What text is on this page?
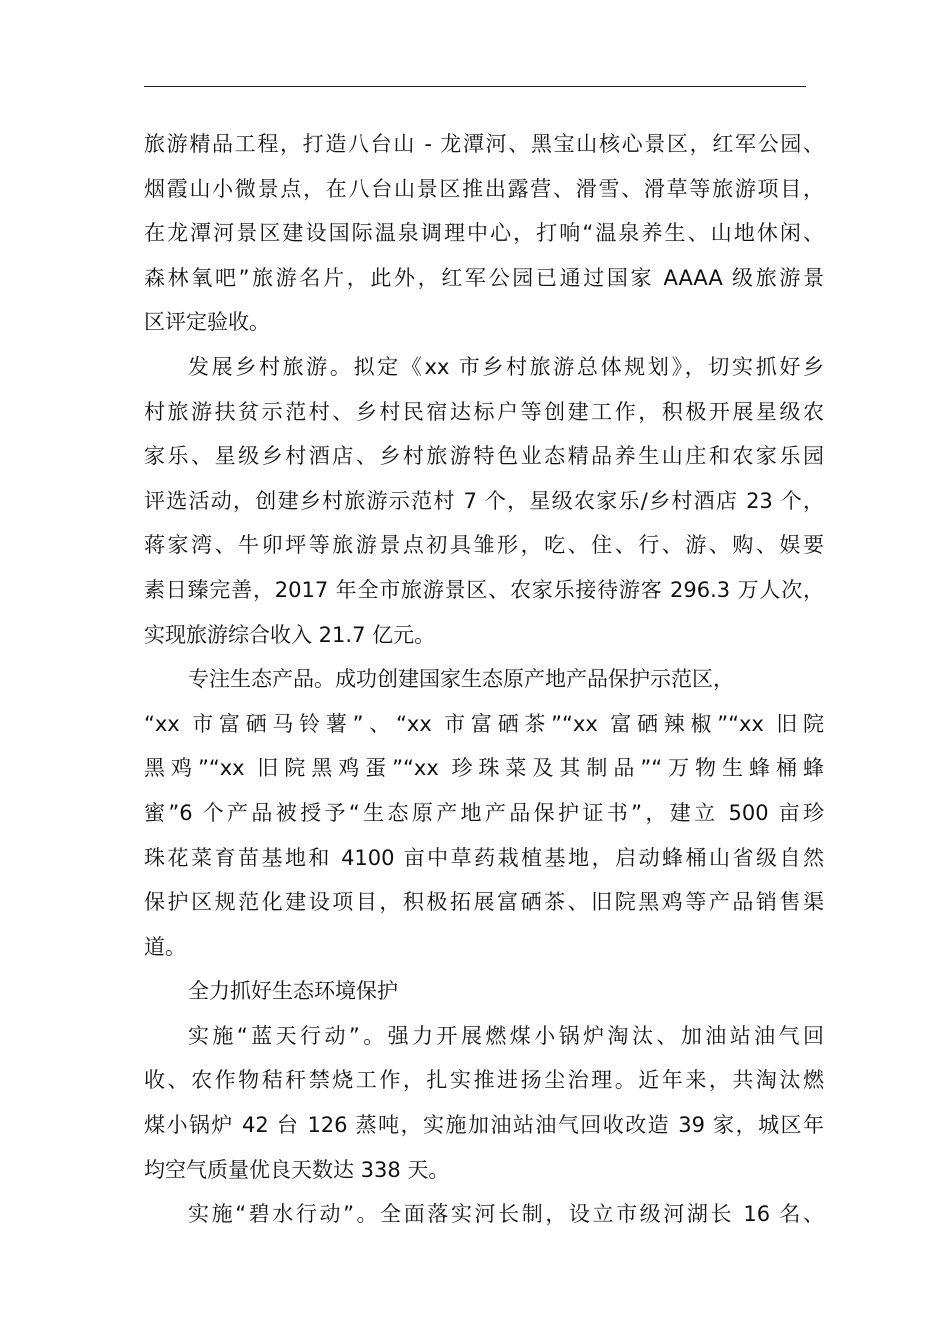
旅游精品工程，打造八台山 - 龙潭河、黑宝山核心景区，红军公园、
烟霞山小微景点，在八台山景区推出露营、滑雪、滑草等旅游项目，
在龙潭河景区建设国际温泉调理中心，打响“温泉养生、山地休闲、
森林氧吧”旅游名片，此外，红军公园已通过国家 AAAA 级旅游景
区评定验收。
发展乡村旅游。拟定《xx 市乡村旅游总体规划》，切实抓好乡
村旅游扶贫示范村、乡村民宿达标户等创建工作，积极开展星级农
家乐、星级乡村酒店、乡村旅游特色业态精品养生山庄和农家乐园
评选活动，创建乡村旅游示范村 7 个，星级农家乐/乡村酒店 23 个，
蒋家湾、牛卯坪等旅游景点初具雏形，吃、住、行、游、购、娱要
素日臻完善，2017 年全市旅游景区、农家乐接待游客 296.3 万人次，
实现旅游综合收入 21.7 亿元。
专注生态产品。成功创建国家生态原产地产品保护示范区，
“xx 市富硒马铃薯”、“xx 市富硒茶”“xx 富硒辣椒”“xx 旧院
黑鸡”“xx 旧院黑鸡蛋”“xx 珍珠菜及其制品”“万物生蜂桶蜂
蜜”6 个产品被授予“生态原产地产品保护证书”，建立 500 亩珍
珠花菜育苗基地和 4100 亩中草药栽植基地，启动蜂桶山省级自然
保护区规范化建设项目，积极拓展富硒茶、旧院黑鸡等产品销售渠
道。
全力抓好生态环境保护
实施“蓝天行动”。强力开展燃煤小锅炉淘汰、加油站油气回
收、农作物秸秆禁烧工作，扎实推进扬尘治理。近年来，共淘汰燃
煤小锅炉 42 台 126 蒸吨，实施加油站油气回收改造 39 家，城区年
均空气质量优良天数达 338 天。
实施“碧水行动”。全面落实河长制，设立市级河湖长 16 名、
